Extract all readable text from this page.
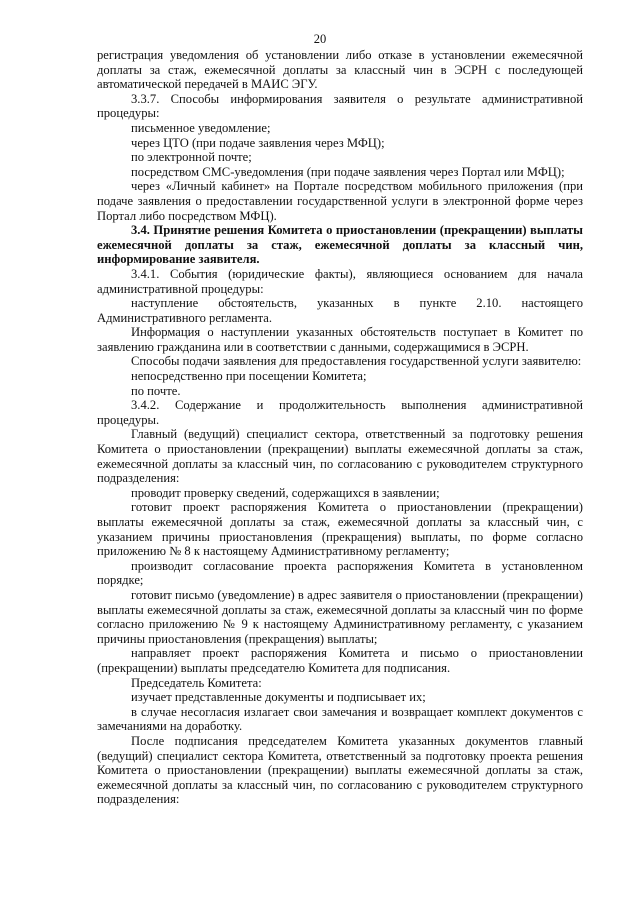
20

регистрация уведомления об установлении либо отказе в установлении ежемесячной доплаты за стаж, ежемесячной доплаты за классный чин в ЭСРН с последующей автоматической передачей в МАИС ЭГУ.

3.3.7. Способы информирования заявителя о результате административной процедуры:

письменное уведомление;

через ЦТО (при подаче заявления через МФЦ);

по электронной почте;

посредством СМС-уведомления (при подаче заявления через Портал или МФЦ);

через «Личный кабинет» на Портале посредством мобильного приложения (при подаче заявления о предоставлении государственной услуги в электронной форме через Портал либо посредством МФЦ).

3.4. Принятие решения Комитета о приостановлении (прекращении) выплаты ежемесячной доплаты за стаж, ежемесячной доплаты за классный чин, информирование заявителя.

3.4.1. События (юридические факты), являющиеся основанием для начала административной процедуры:

наступление обстоятельств, указанных в пункте 2.10. настоящего Административного регламента.

Информация о наступлении указанных обстоятельств поступает в Комитет по заявлению гражданина или в соответствии с данными, содержащимися в ЭСРН.

Способы подачи заявления для предоставления государственной услуги заявителю:

непосредственно при посещении Комитета;

по почте.

3.4.2. Содержание и продолжительность выполнения административной процедуры.

Главный (ведущий) специалист сектора, ответственный за подготовку решения Комитета о приостановлении (прекращении) выплаты ежемесячной доплаты за стаж, ежемесячной доплаты за классный чин, по согласованию с руководителем структурного подразделения:

проводит проверку сведений, содержащихся в заявлении;

готовит проект распоряжения Комитета о приостановлении (прекращении) выплаты ежемесячной доплаты за стаж, ежемесячной доплаты за классный чин, с указанием причины приостановления (прекращения) выплаты, по форме согласно приложению № 8 к настоящему Административному регламенту;

производит согласование проекта распоряжения Комитета в установленном порядке;

готовит письмо (уведомление) в адрес заявителя о приостановлении (прекращении) выплаты ежемесячной доплаты за стаж, ежемесячной доплаты за классный чин по форме согласно приложению № 9 к настоящему Административному регламенту, с указанием причины приостановления (прекращения) выплаты;

направляет проект распоряжения Комитета и письмо о приостановлении (прекращении) выплаты председателю Комитета для подписания.

Председатель Комитета:

изучает представленные документы и подписывает их;

в случае несогласия излагает свои замечания и возвращает комплект документов с замечаниями на доработку.

После подписания председателем Комитета указанных документов главный (ведущий) специалист сектора Комитета, ответственный за подготовку проекта решения Комитета о приостановлении (прекращении) выплаты ежемесячной доплаты за стаж, ежемесячной доплаты за классный чин, по согласованию с руководителем структурного подразделения:
